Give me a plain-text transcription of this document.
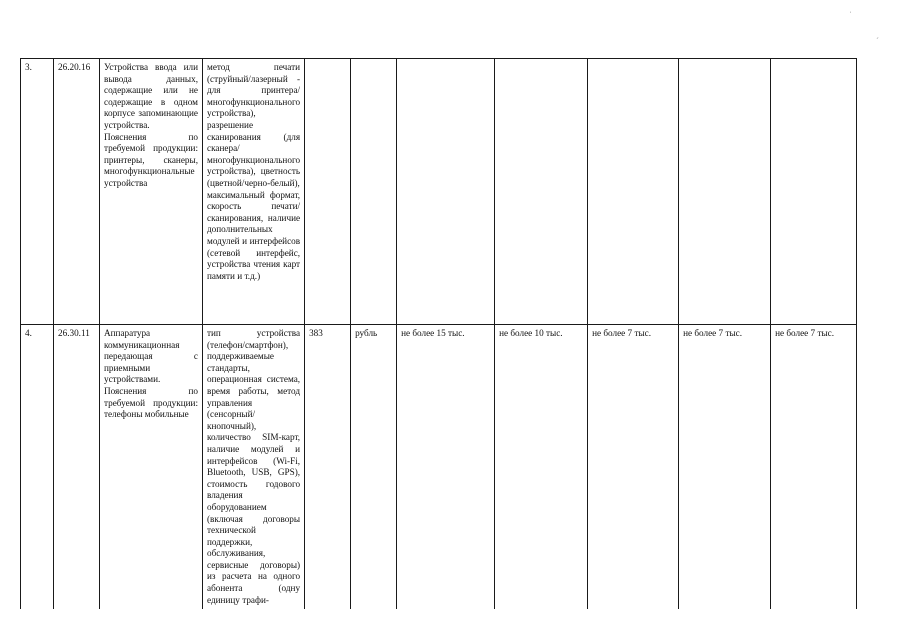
ˈ
ˊ
3.	26.20.16	Устройства ввода или вывода данных, содержащие или не содержащие в одном корпусе запоминающие устройства.
Пояснения по требуемой продукции: принтеры, сканеры, многофункциональные устройства	метод печати (струйный/лазерный - для принтера/ многофункционального устройства), разрешение сканирования (для сканера/ многофункционального устройства), цветность (цветной/черно-белый), максимальный формат, скорость печати/сканирования, наличие дополнительных модулей и интерфейсов (сетевой интерфейс, устройства чтения карт памяти и т.д.)							
4.	26.30.11	Аппаратура коммуникационная передающая с приемными устройствами.
Пояснения по требуемой продукции: телефоны мобильные	тип устройства (телефон/смартфон), поддерживаемые стандарты, операционная система, время работы, метод управления (сенсорный/ кнопочный), количество SIM-карт, наличие модулей и интерфейсов (Wi-Fi, Bluetooth, USB, GPS), стоимость годового владения оборудованием (включая договоры технической поддержки, обслуживания, сервисные договоры) из расчета на одного абонента (одну единицу трафи-	383	рубль	не более 15 тыс.	не более 10 тыс.	не более 7 тыс.	не более 7 тыс.	не более 7 тыс.
